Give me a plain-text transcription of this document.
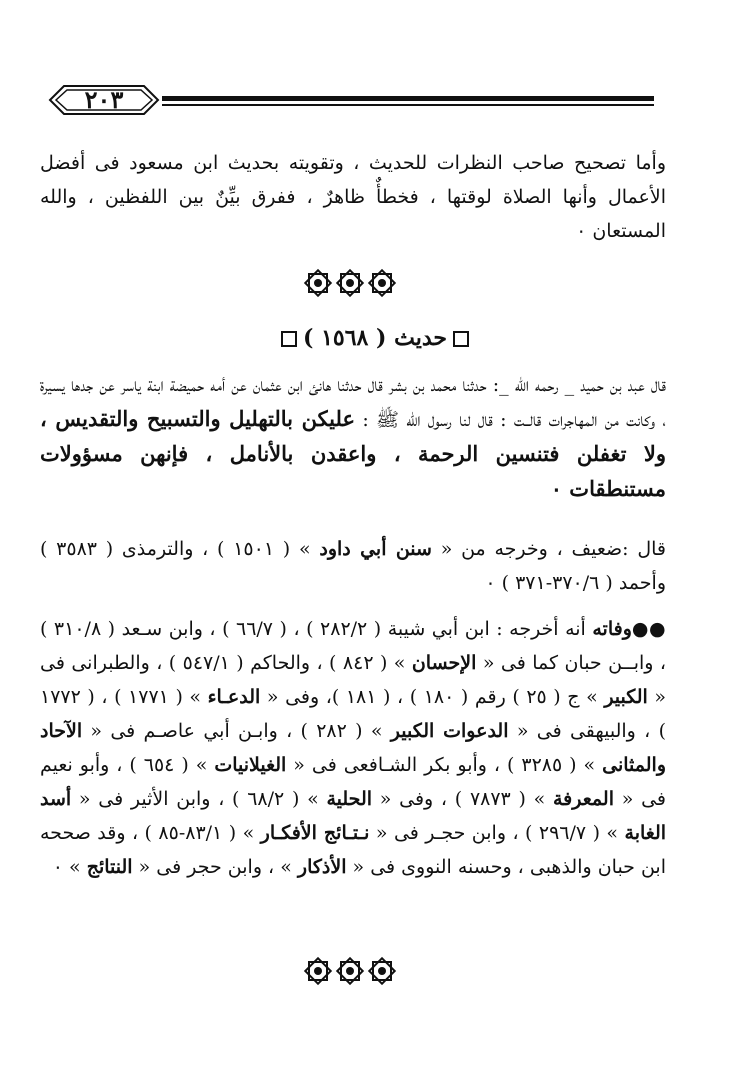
٢٠٣
وأما تصحيح صاحب النظرات للحديث ، وتقويته بحديث ابن مسعود فى أفضل الأعمال وأنها الصلاة لوقتها ، فخطأٌ ظاهرٌ ، ففرق بيِّنٌ بين اللفظين ، والله المستعان ٠
حديث ( ١٥٦٨ )
قال عبد بن حميد _ رحمه الله _: حدثنا محمد بن بشر قال حدثنا هانئ ابن عثمان عن أمه حميضة ابنة ياسر عن جدها يسيرة ، وكانت من المهاجرات قالــت : قال لنا رسول الله ﷺ : عليكن بالتهليل والتسبيح والتقديس ، ولا تغفلن فتنسين الرحمة ، واعقدن بالأنامل ، فإنهن مسؤولات مستنطقات ٠
قال :ضعيف ، وخرجه من « سنن أبي داود » ( ١٥٠١ ) ، والترمذى ( ٣٥٨٣ ) وأحمد ( ٣٧٠/٦-٣٧١ ) ٠
●●وفاته أنه أخرجه : ابن أبي شيبة ( ٢٨٢/٢ ) ، ( ٦٦/٧ ) ، وابن سـعد ( ٣١٠/٨ ) ، وابــن حبان كما فى « الإحسان » ( ٨٤٢ ) ، والحاكم ( ٥٤٧/١ ) ، والطبرانى فى « الكبير » ج ( ٢٥ ) رقم ( ١٨٠ ) ، ( ١٨١ )، وفى « الدعـاء » ( ١٧٧١ ) ، ( ١٧٧٢ ) ، والبيهقى فى « الدعوات الكبير » ( ٢٨٢ ) ، وابـن أبي عاصـم فى « الآحاد والمثانى » ( ٣٢٨٥ ) ، وأبو بكر الشـافعى فى « الغيلانيات » ( ٦٥٤ ) ، وأبو نعيم فى « المعرفة » ( ٧٨٧٣ ) ، وفى « الحلية » ( ٦٨/٢ ) ، وابن الأثير فى « أسد الغابة » ( ٢٩٦/٧ ) ، وابن حجـر فى « نـتـائج الأفكـار » ( ٨٣/١-٨٥ ) ، وقد صححه ابن حبان والذهبى ، وحسنه النووى فى « الأذكار » ، وابن حجر فى « النتائج » ٠
